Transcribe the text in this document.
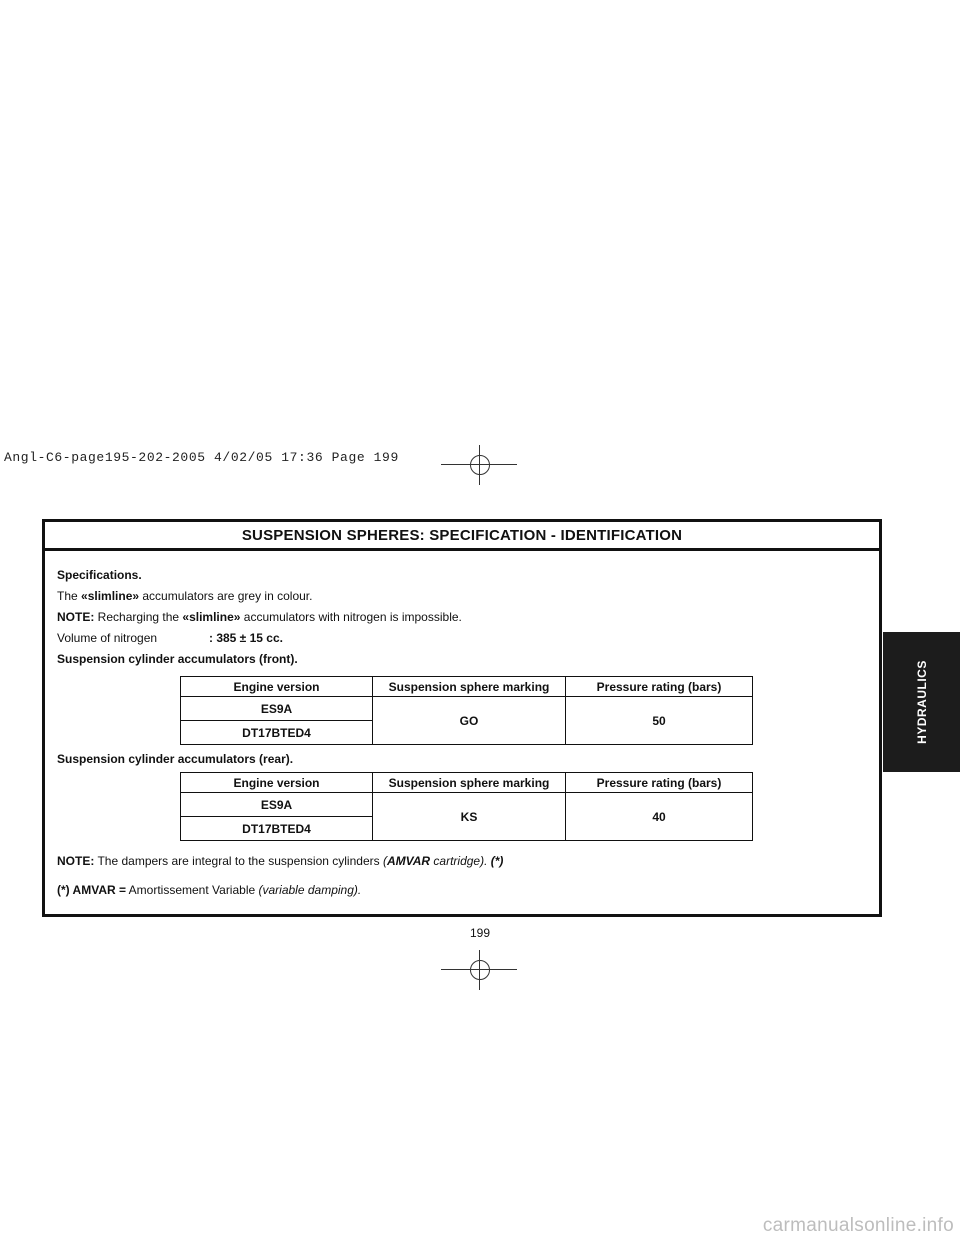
Angl-C6-page195-202-2005 4/02/05 17:36 Page 199
HYDRAULICS
SUSPENSION SPHERES: SPECIFICATION - IDENTIFICATION
Specifications.
The «slimline» accumulators are grey in colour.
NOTE: Recharging the «slimline» accumulators with nitrogen is impossible.
Volume of nitrogen	: 385 ± 15 cc.
Suspension cylinder accumulators (front).
Engine version	Suspension sphere marking	Pressure rating (bars)
ES9A	GO	50
DT17BTED4		
Suspension cylinder accumulators (rear).
Engine version	Suspension sphere marking	Pressure rating (bars)
ES9A	KS	40
DT17BTED4		
NOTE: The dampers are integral to the suspension cylinders (AMVAR cartridge). (*)
(*) AMVAR = Amortissement Variable (variable damping).
199
carmanualsonline.info
